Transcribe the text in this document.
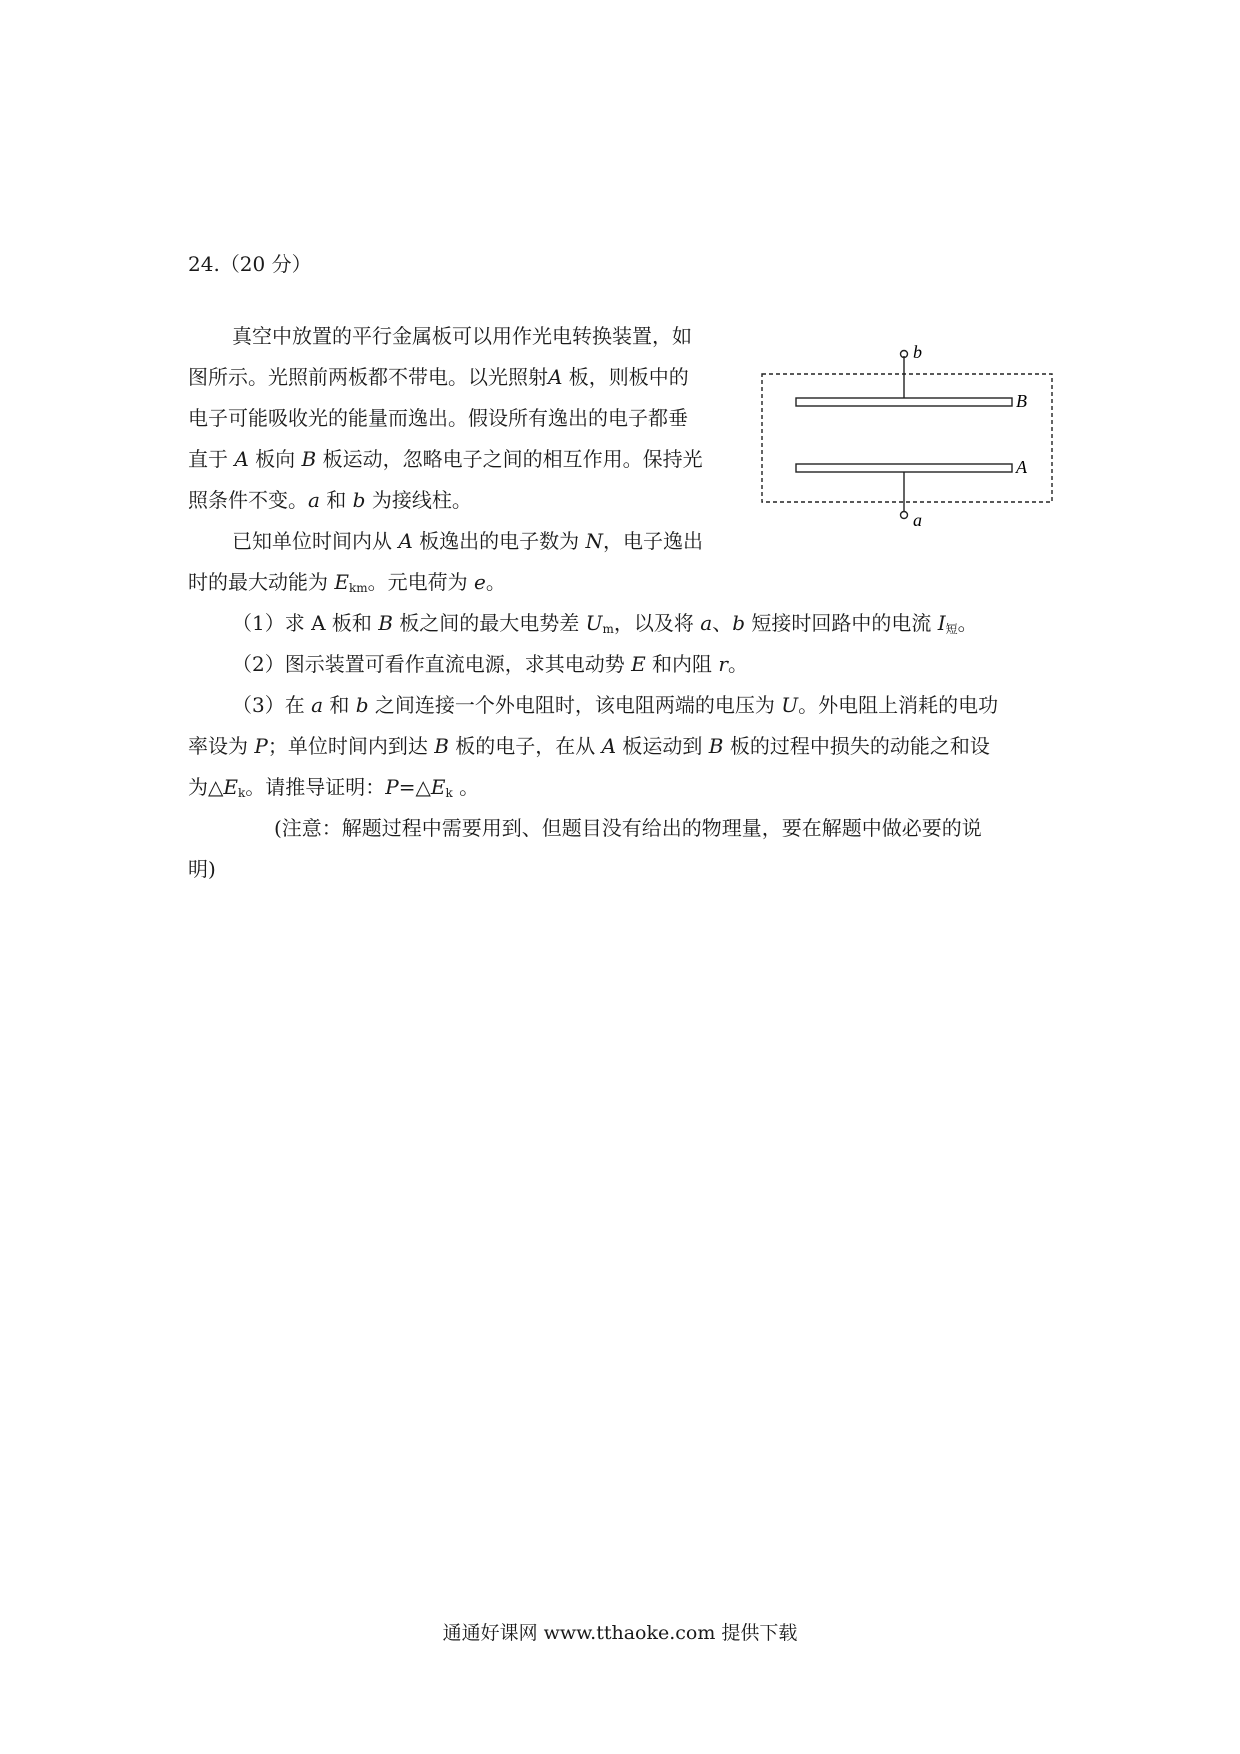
24.（20 分）
真空中放置的平行金属板可以用作光电转换装置，如
图所示。光照前两板都不带电。以光照射A 板，则板中的
电子可能吸收光的能量而逸出。假设所有逸出的电子都垂
直于 A 板向 B 板运动，忽略电子之间的相互作用。保持光
照条件不变。a 和 b 为接线柱。
已知单位时间内从 A 板逸出的电子数为 N，电子逸出
时的最大动能为 $E_{km}$。元电荷为 e。
（1）求 A 板和 B 板之间的最大电势差 $U_m$，以及将 a、b 短接时回路中的电流 $I_短$。
（2）图示装置可看作直流电源，求其电动势 E 和内阻 r。
（3）在 a 和 b 之间连接一个外电阻时，该电阻两端的电压为 U。外电阻上消耗的电功
率设为 P；单位时间内到达 B 板的电子，在从 A 板运动到 B 板的过程中损失的动能之和设
为$\triangle E_k$。请推导证明：$P=\triangle E_k$ 。
(注意：解题过程中需要用到、但题目没有给出的物理量，要在解题中做必要的说
明)
b
a
B
A
通通好课网 www.tthaoke.com 提供下载
